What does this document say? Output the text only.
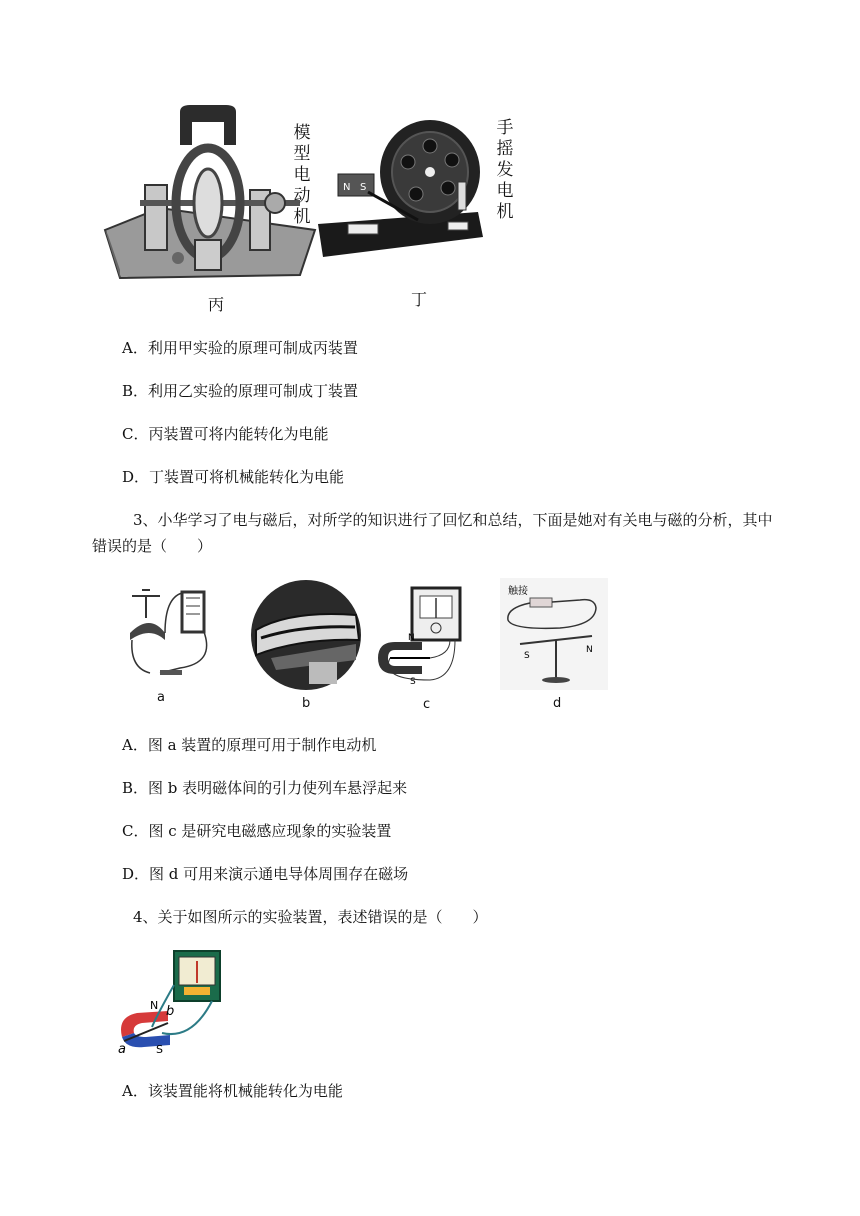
模
型
电
动
机
N S
手
摇
发
电
机
丙	丁
A．利用甲实验的原理可制成丙装置
B．利用乙实验的原理可制成丁装置
C．丙装置可将内能转化为电能
D．丁装置可将机械能转化为电能
3、小华学习了电与磁后，对所学的知识进行了回忆和总结，下面是她对有关电与磁的分析，其中
错误的是（　　）
N
S
触接
S
N
a	b	c	d
A．图 a 装置的原理可用于制作电动机
B．图 b 表明磁体间的引力使列车悬浮起来
C．图 c 是研究电磁感应现象的实验装置
D．图 d 可用来演示通电导体周围存在磁场
4、关于如图所示的实验装置，表述错误的是（　　）
N
S
a
b
A．该装置能将机械能转化为电能
